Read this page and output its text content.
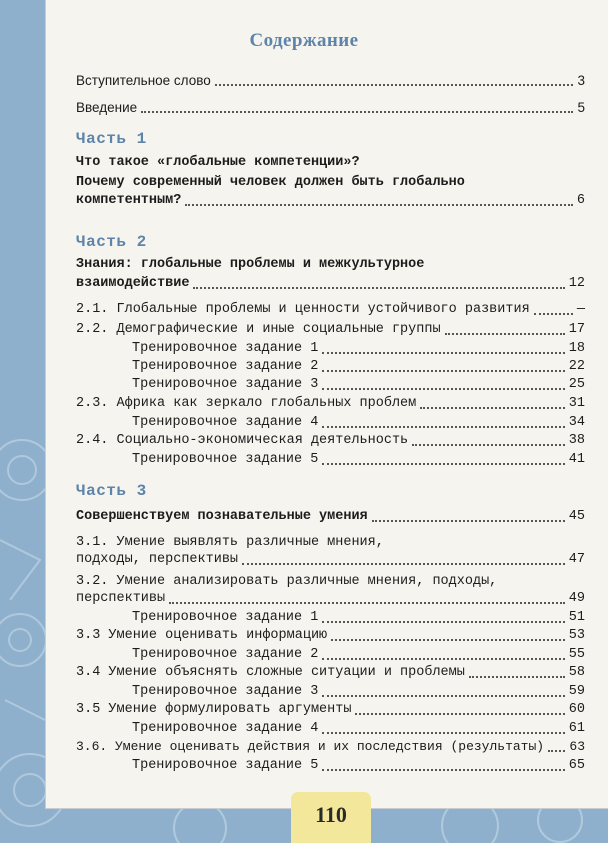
Содержание
Вступительное слово	3
Введение	5
Часть 1
Что такое «глобальные компетенции»?
Почему современный человек должен быть глобально
компетентным?	6
Часть 2
Знания: глобальные проблемы и межкультурное
взаимодействие	12
2.1. Глобальные проблемы и ценности устойчивого развития	—
2.2. Демографические и иные социальные группы	17
Тренировочное задание 1	18
Тренировочное задание 2	22
Тренировочное задание 3	25
2.3. Африка как зеркало глобальных проблем	31
Тренировочное задание 4	34
2.4. Социально-экономическая деятельность	38
Тренировочное задание 5	41
Часть 3
Совершенствуем познавательные умения	45
3.1. Умение выявлять различные мнения,
подходы, перспективы	47
3.2. Умение анализировать различные мнения, подходы,
перспективы	49
Тренировочное задание 1	51
3.3 Умение оценивать информацию	53
Тренировочное задание 2	55
3.4 Умение объяснять сложные ситуации и проблемы	58
Тренировочное задание 3	59
3.5 Умение формулировать аргументы	60
Тренировочное задание 4	61
3.6. Умение оценивать действия и их последствия (результаты) 63
Тренировочное задание 5	65
110
